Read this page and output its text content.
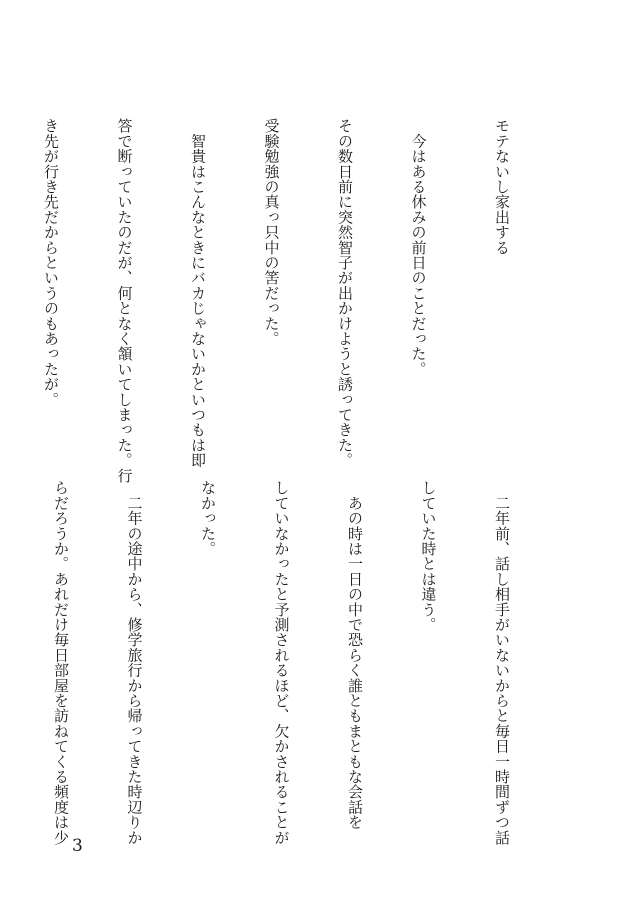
モテないし家出する

　今はある休みの前日のことだった。

その数日前に突然智子が出かけようと誘ってきた。

受験勉強の真っ只中の筈だった。

　智貴はこんなときにバカじゃないかといつもは即

答で断っていたのだが、何となく頷いてしまった。行

き先が行き先だからというのもあったが。

　二年前、話し相手がいないからと毎日一時間ずつ話

していた時とは違う。

　あの時は一日の中で恐らく誰ともまともな会話を

していなかったと予測されるほど、欠かされることが

なかった。

　二年の途中から、修学旅行から帰ってきた時辺りか

らだろうか。あれだけ毎日部屋を訪ねてくる頻度は少

3
